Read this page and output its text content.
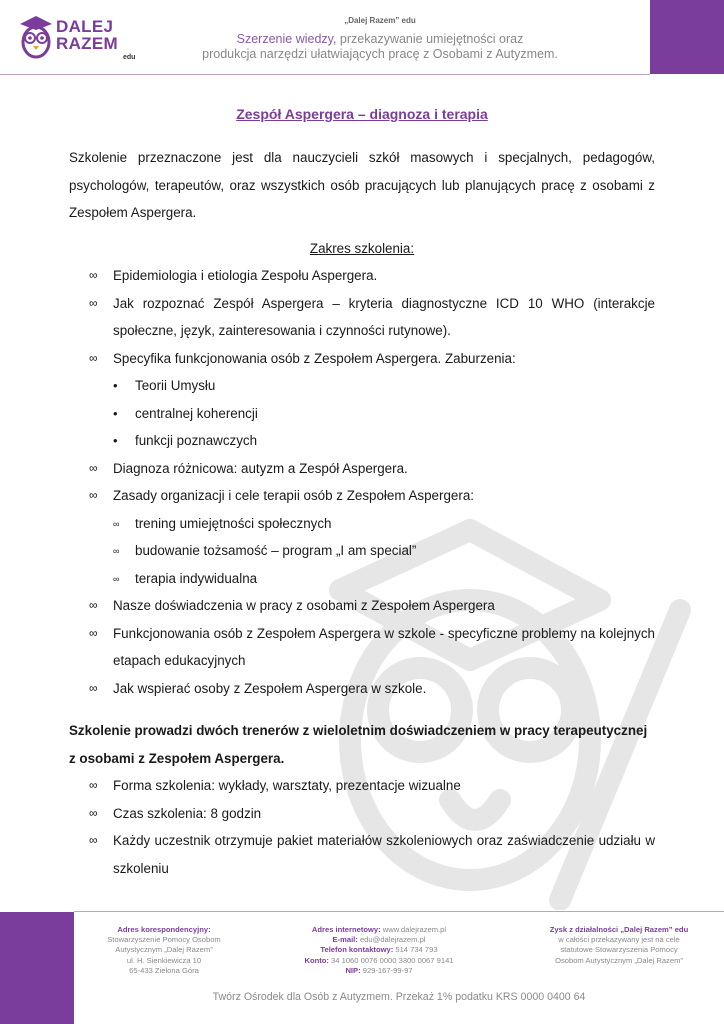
DALEJ
RAZEM
edu
„Dalej Razem” edu
Szerzenie wiedzy, przekazywanie umiejętności oraz
produkcja narzędzi ułatwiających pracę z Osobami z Autyzmem.
Zespół Aspergera – diagnoza i terapia

Szkolenie przeznaczone jest dla nauczycieli szkół masowych i specjalnych, pedagogów, psychologów, terapeutów, oraz wszystkich osób pracujących lub planujących pracę z osobami z Zespołem Aspergera.

Zakres szkolenia:

∞ Epidemiologia i etiologia Zespołu Aspergera.
∞ Jak rozpoznać Zespół Aspergera – kryteria diagnostyczne ICD 10 WHO (interakcje społeczne, język, zainteresowania i czynności rutynowe).
∞ Specyfika funkcjonowania osób z Zespołem Aspergera. Zaburzenia:
• Teorii Umysłu
• centralnej koherencji
• funkcji poznawczych
∞ Diagnoza różnicowa: autyzm a Zespół Aspergera.
∞ Zasady organizacji i cele terapii osób z Zespołem Aspergera:
∞ trening umiejętności społecznych
∞ budowanie tożsamość – program „I am special”
∞ terapia indywidualna
∞ Nasze doświadczenia w pracy z osobami z Zespołem Aspergera
∞ Funkcjonowania osób z Zespołem Aspergera w szkole - specyficzne problemy na kolejnych etapach edukacyjnych
∞ Jak wspierać osoby z Zespołem Aspergera w szkole.

Szkolenie prowadzi dwóch trenerów z wieloletnim doświadczeniem w pracy terapeutycznej z osobami z Zespołem Aspergera.

∞ Forma szkolenia: wykłady, warsztaty, prezentacje wizualne
∞ Czas szkolenia: 8 godzin
∞ Każdy uczestnik otrzymuje pakiet materiałów szkoleniowych oraz zaświadczenie udziału w szkoleniu
Adres korespondencyjny:
Stowarzyszenie Pomocy Osobom
Autystycznym „Dalej Razem”
ul. H. Sienkiewicza 10
65-433 Zielona Góra
Adres internetowy: www.dalejrazem.pl
E-mail: edu@dalejrazem.pl
Telefon kontaktowy: 514 734 793
Konto: 34 1060 0076 0000 3300 0067 9141
NIP: 929-167-99-97
Zysk z działalności „Dalej Razem” edu
w całości przekazywany jest na cele
statutowe Stowarzyszenia Pomocy
Osobom Autystycznym „Dalej Razem”
Twórz Ośrodek dla Osób z Autyzmem. Przekaż 1% podatku KRS 0000 0400 64
